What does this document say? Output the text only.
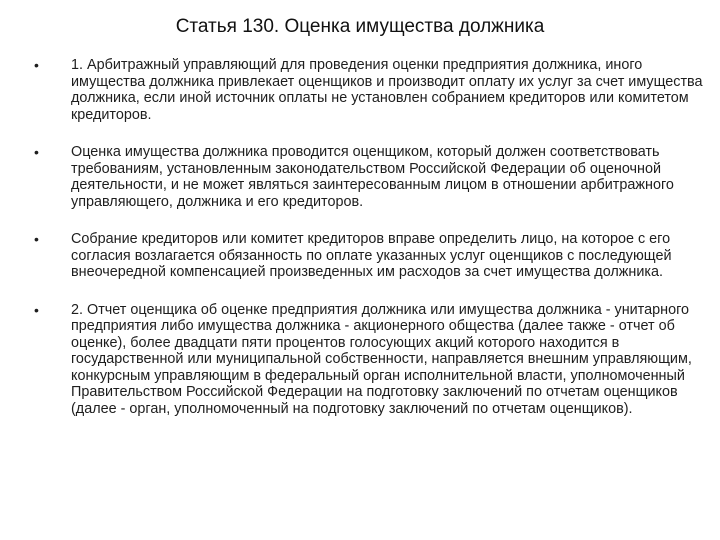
Статья 130. Оценка имущества должника
•	1. Арбитражный управляющий для проведения оценки предприятия должника, иного имущества должника привлекает оценщиков и производит оплату их услуг за счет имущества должника, если иной источник оплаты не установлен собранием кредиторов или комитетом кредиторов.
•	Оценка имущества должника проводится оценщиком, который должен соответствовать требованиям, установленным законодательством Российской Федерации об оценочной деятельности, и не может являться заинтересованным лицом в отношении арбитражного управляющего, должника и его кредиторов.
•	Собрание кредиторов или комитет кредиторов вправе определить лицо, на которое с его согласия возлагается обязанность по оплате указанных услуг оценщиков с последующей внеочередной компенсацией произведенных им расходов за счет имущества должника.
•	2. Отчет оценщика об оценке предприятия должника или имущества должника - унитарного предприятия либо имущества должника - акционерного общества (далее также - отчет об оценке), более двадцати пяти процентов голосующих акций которого находится в государственной или муниципальной собственности, направляется внешним управляющим, конкурсным управляющим в федеральный орган исполнительной власти, уполномоченный Правительством Российской Федерации на подготовку заключений по отчетам оценщиков (далее - орган, уполномоченный на подготовку заключений по отчетам оценщиков).
